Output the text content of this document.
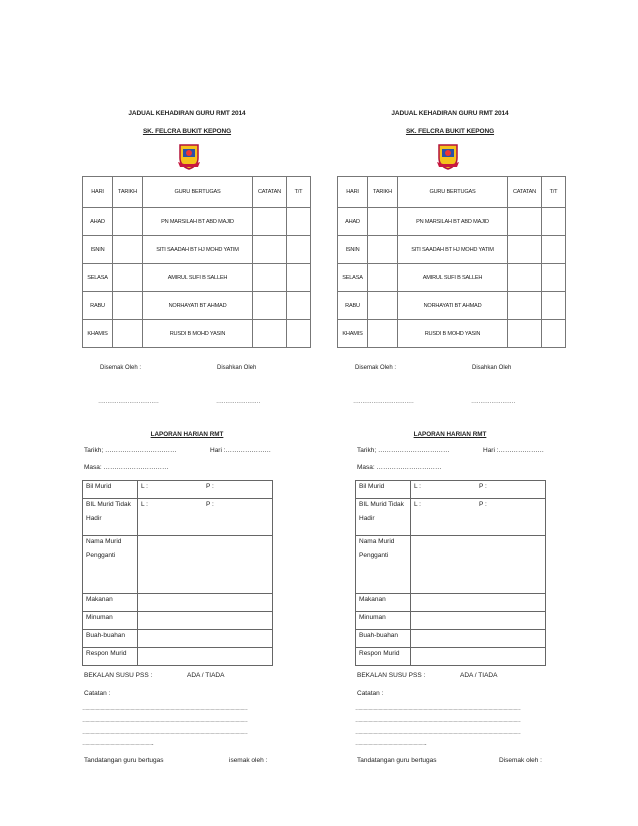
JADUAL KEHADIRAN GURU RMT 2014
SK. FELCRA BUKIT KEPONG
HARI	TARIKH	GURU BERTUGAS	CATATAN	T/T
AHAD		PN MARSILAH BT ABD MAJID		
ISNIN		SITI SAADAH BT HJ MOHD YATIM		
SELASA		AMIRUL SUFI B SALLEH		
RABU		NORHAYATI BT AHMAD		
KHAMIS		RUSDI B MOHD YASIN		
Disemak Oleh :	Disahkan Oleh
……………………………	……………………
LAPORAN HARIAN RMT
Tarikh; ……………………………	Hari :…………………
Masa: …………………………
Bil Murid	L : P :
BIL Murid Tidak

Hadir	L : P :
Nama Murid

Pengganti	
Makanan	
Minuman	
Buah-buahan	
Respon Murid	
BEKALAN SUSU PSS :	ADA / TIADA
Catatan :
………………………………………………………………………………………
………………………………………………………………………………………
………………………………………………………………………………………
…………………………………….
Tandatangan guru bertugas	isemak oleh :
JADUAL KEHADIRAN GURU RMT 2014
SK. FELCRA BUKIT KEPONG
HARI	TARIKH	GURU BERTUGAS	CATATAN	T/T
AHAD		PN MARSILAH BT ABD MAJID		
ISNIN		SITI SAADAH BT HJ MOHD YATIM		
SELASA		AMIRUL SUFI B SALLEH		
RABU		NORHAYATI BT AHMAD		
KHAMIS		RUSDI B MOHD YASIN		
Disemak Oleh :	Disahkan Oleh
……………………………	……………………
LAPORAN HARIAN RMT
Tarikh; ……………………………	Hari :…………………
Masa: …………………………
Bil Murid	L : P :
BIL Murid Tidak

Hadir	L : P :
Nama Murid

Pengganti	
Makanan	
Minuman	
Buah-buahan	
Respon Murid	
BEKALAN SUSU PSS :	ADA / TIADA
Catatan :
………………………………………………………………………………………
………………………………………………………………………………………
………………………………………………………………………………………
…………………………………….
Tandatangan guru bertugas	Disemak oleh :
